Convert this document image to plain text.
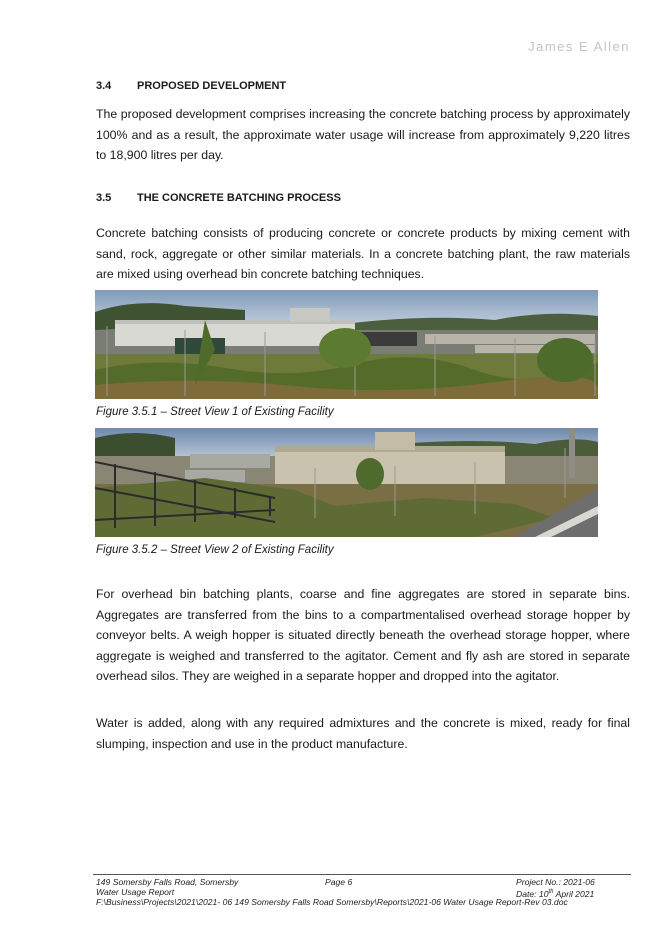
James E Allen
3.4 PROPOSED DEVELOPMENT

The proposed development comprises increasing the concrete batching process by approximately 100% and as a result, the approximate water usage will increase from approximately 9,220 litres to 18,900 litres per day.

3.5 THE CONCRETE BATCHING PROCESS

Concrete batching consists of producing concrete or concrete products by mixing cement with sand, rock, aggregate or other similar materials. In a concrete batching plant, the raw materials are mixed using overhead bin concrete batching techniques.

Figure 3.5.1 – Street View 1 of Existing Facility
Figure 3.5.2 – Street View 2 of Existing Facility

For overhead bin batching plants, coarse and fine aggregates are stored in separate bins. Aggregates are transferred from the bins to a compartmentalised overhead storage hopper by conveyor belts. A weigh hopper is situated directly beneath the overhead storage hopper, where aggregate is weighed and transferred to the agitator. Cement and fly ash are stored in separate overhead silos. They are weighed in a separate hopper and dropped into the agitator.

Water is added, along with any required admixtures and the concrete is mixed, ready for final slumping, inspection and use in the product manufacture.

149 Somersby Falls Road, Somersby
Water Usage Report
Page 6	Project No.: 2021-06
Date: 10th April 2021
F:\Business\Projects\2021\2021- 06 149 Somersby Falls Road Somersby\Reports\2021-06 Water Usage Report-Rev 03.doc
